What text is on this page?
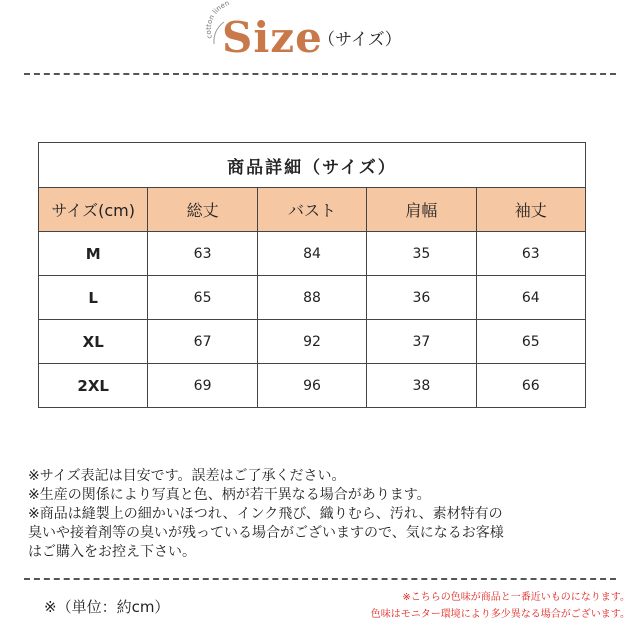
cotton linen
Size
（サイズ）
商品詳細（サイズ）				
サイズ(cm)	総丈	バスト	肩幅	袖丈
M	63	84	35	63
L	65	88	36	64
XL	67	92	37	65
2XL	69	96	38	66
※サイズ表記は目安です。誤差はご了承ください。
※生産の関係により写真と色、柄が若干異なる場合があります。
※商品は縫製上の細かいほつれ、インク飛び、織りむら、汚れ、素材特有の
臭いや接着剤等の臭いが残っている場合がございますので、気になるお客様
はご購入をお控え下さい。
※（単位：約cm）
※こちらの色味が商品と一番近いものになります。
色味はモニター環境により多少異なる場合がございます。
